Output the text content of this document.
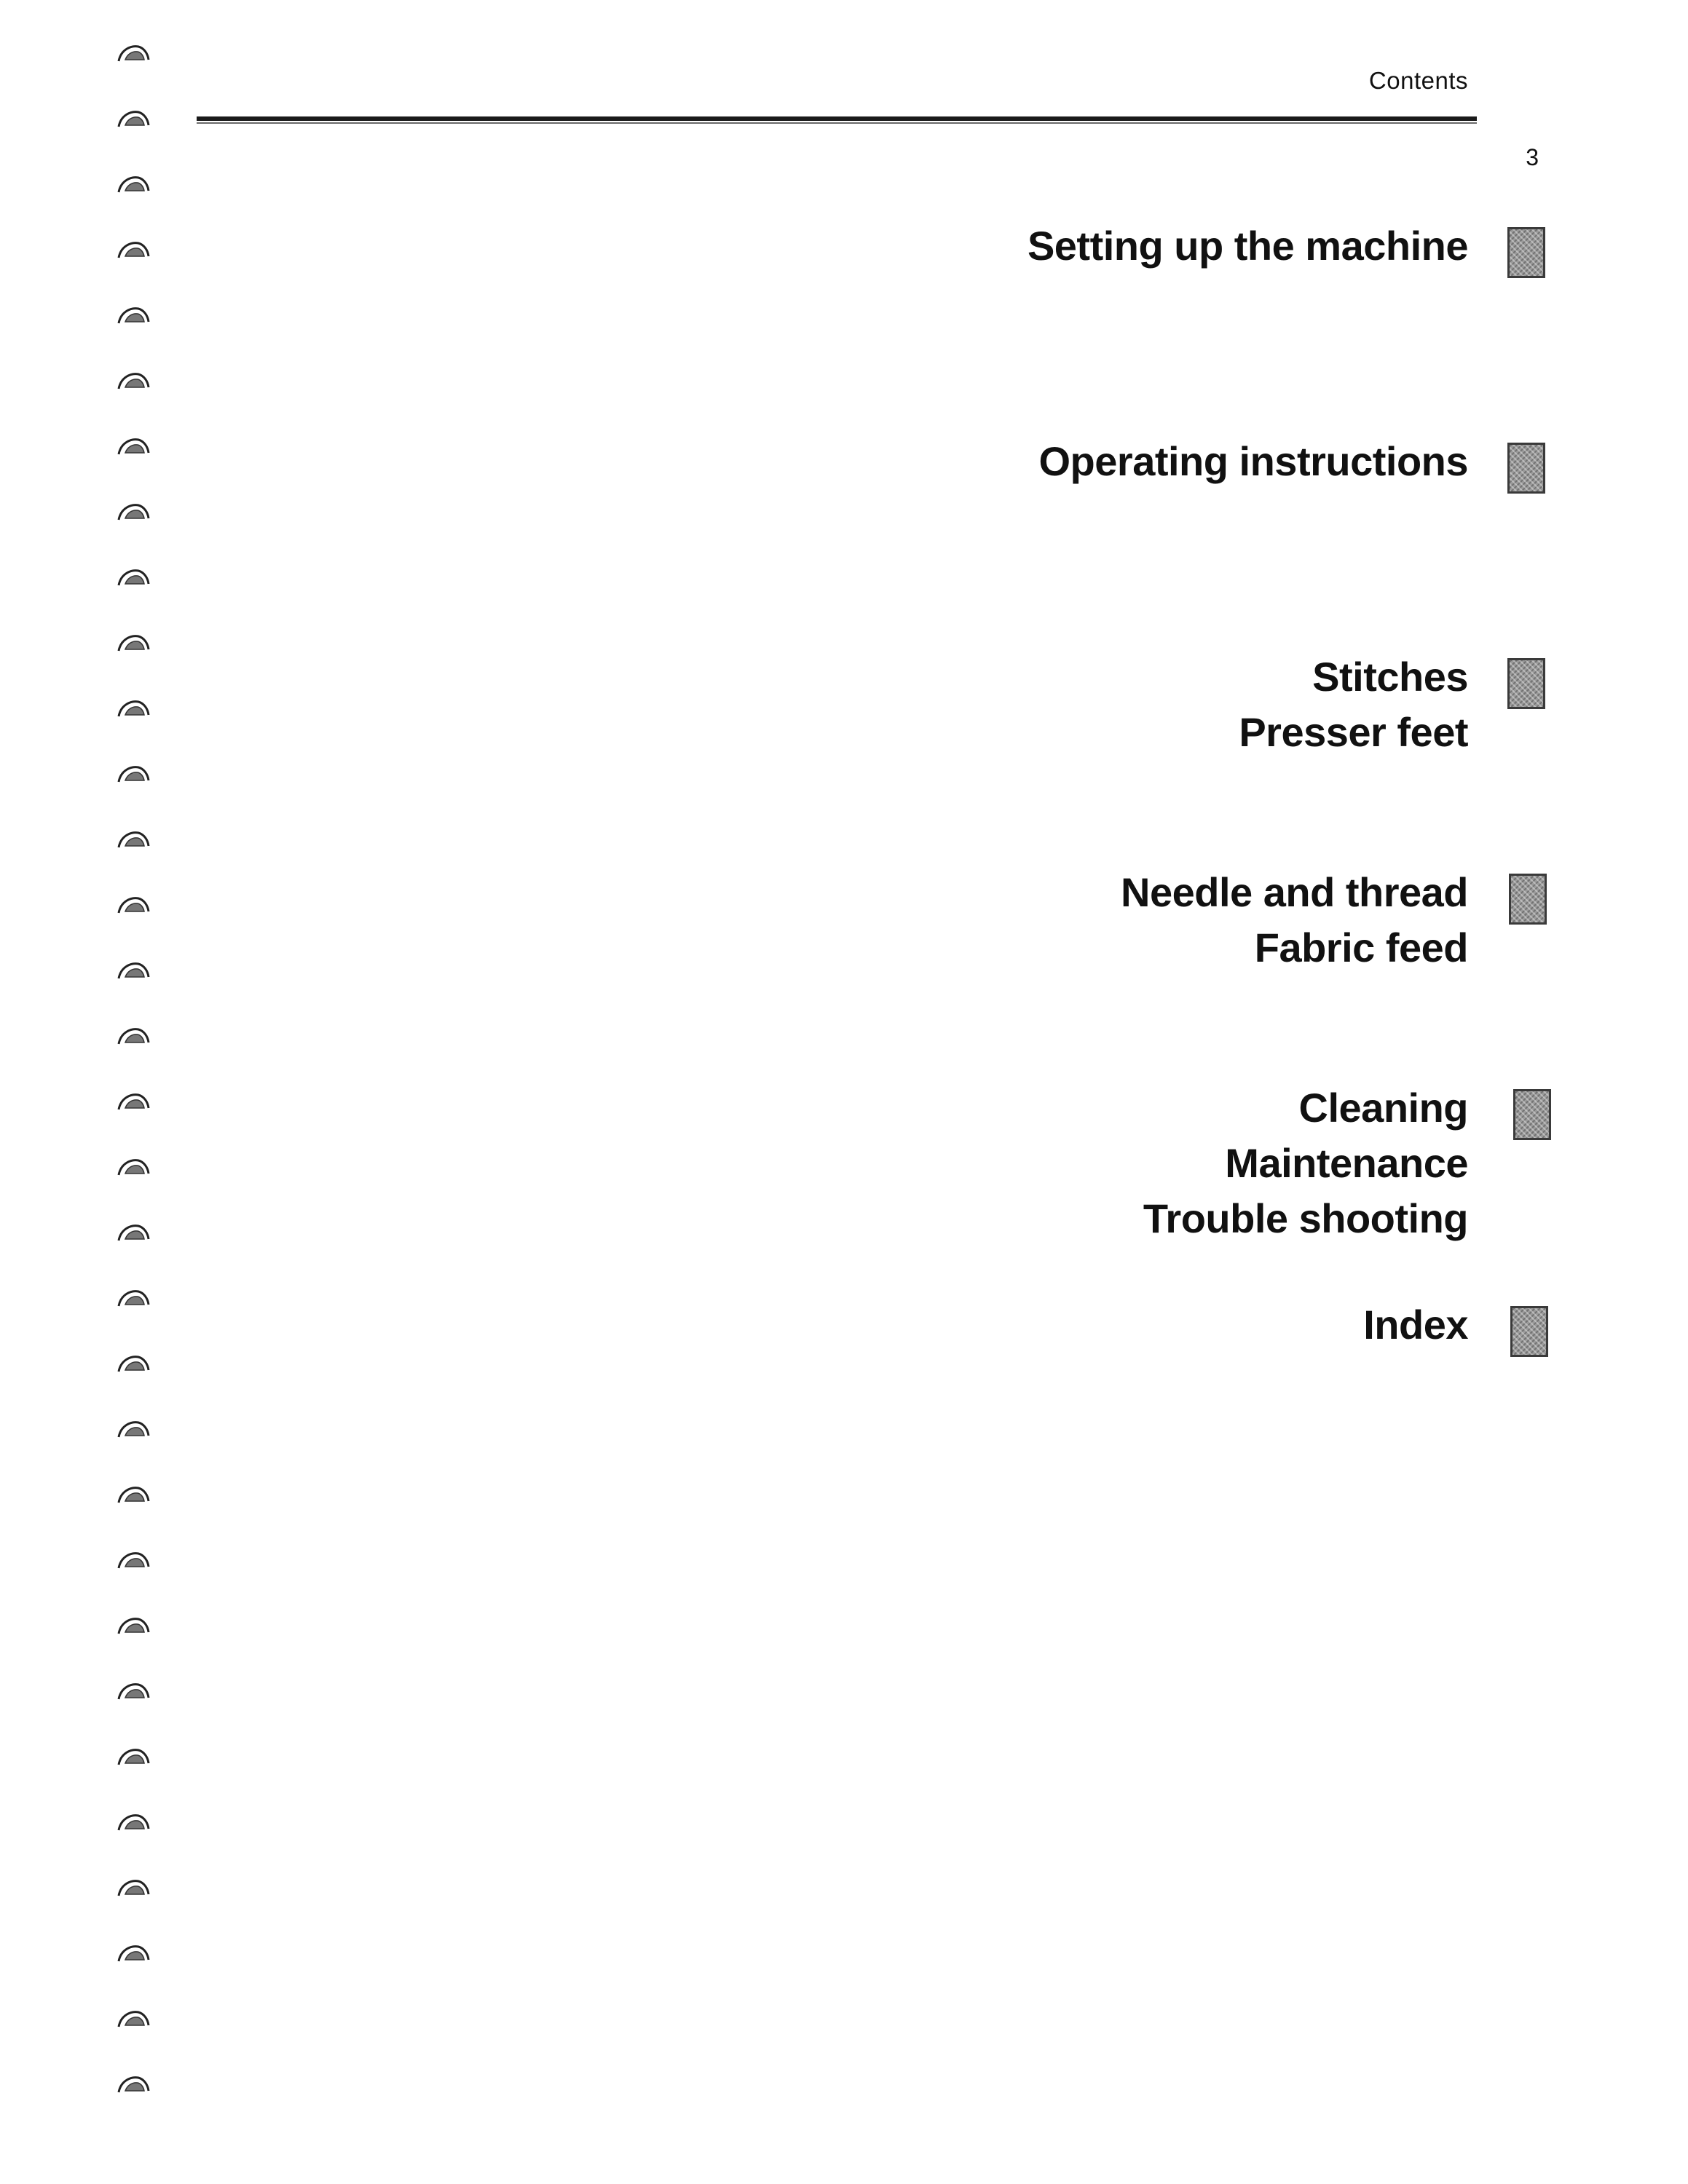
Contents
3
Setting up the machine
Operating instructions
Stitches
Presser feet
Needle and thread
Fabric feed
Cleaning
Maintenance
Trouble shooting
Index
